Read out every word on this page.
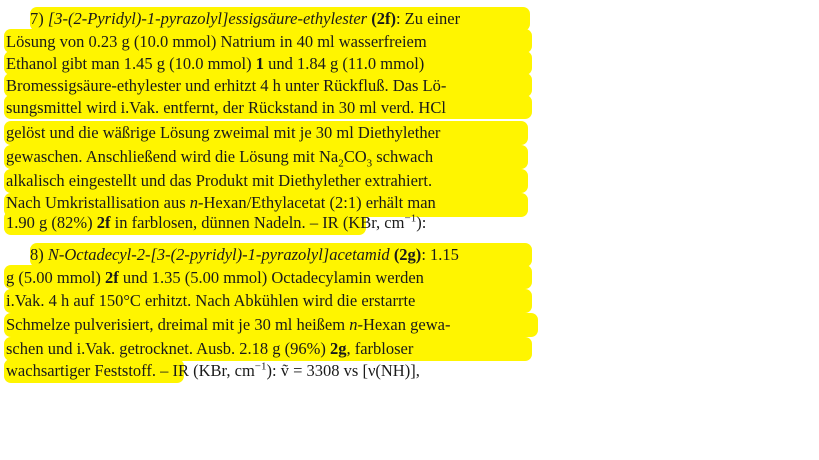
7) [3-(2-Pyridyl)-1-pyrazolyl]essigsäure-ethylester (2f): Zu einer
Lösung von 0.23 g (10.0 mmol) Natrium in 40 ml wasserfreiem
Ethanol gibt man 1.45 g (10.0 mmol) 1 und 1.84 g (11.0 mmol)
Bromessigsäure-ethylester und erhitzt 4 h unter Rückfluß. Das Lö-
sungsmittel wird i.Vak. entfernt, der Rückstand in 30 ml verd. HCl
gelöst und die wäßrige Lösung zweimal mit je 30 ml Diethylether
gewaschen. Anschließend wird die Lösung mit $Na_2CO_3$ schwach
alkalisch eingestellt und das Produkt mit Diethylether extrahiert.
Nach Umkristallisation aus n-Hexan/Ethylacetat (2:1) erhält man
1.90 g (82%) 2f in farblosen, dünnen Nadeln. – IR (KBr, $cm^{-1}$):
8) N-Octadecyl-2-[3-(2-pyridyl)-1-pyrazolyl]acetamid (2g): 1.15
g (5.00 mmol) 2f und 1.35 (5.00 mmol) Octadecylamin werden
i.Vak. 4 h auf 150°C erhitzt. Nach Abkühlen wird die erstarrte
Schmelze pulverisiert, dreimal mit je 30 ml heißem n-Hexan gewa-
schen und i.Vak. getrocknet. Ausb. 2.18 g (96%) 2g, farbloser
wachsartiger Feststoff. – IR (KBr, $cm^{-1}$): ṽ = 3308 vs [ν(NH)],
